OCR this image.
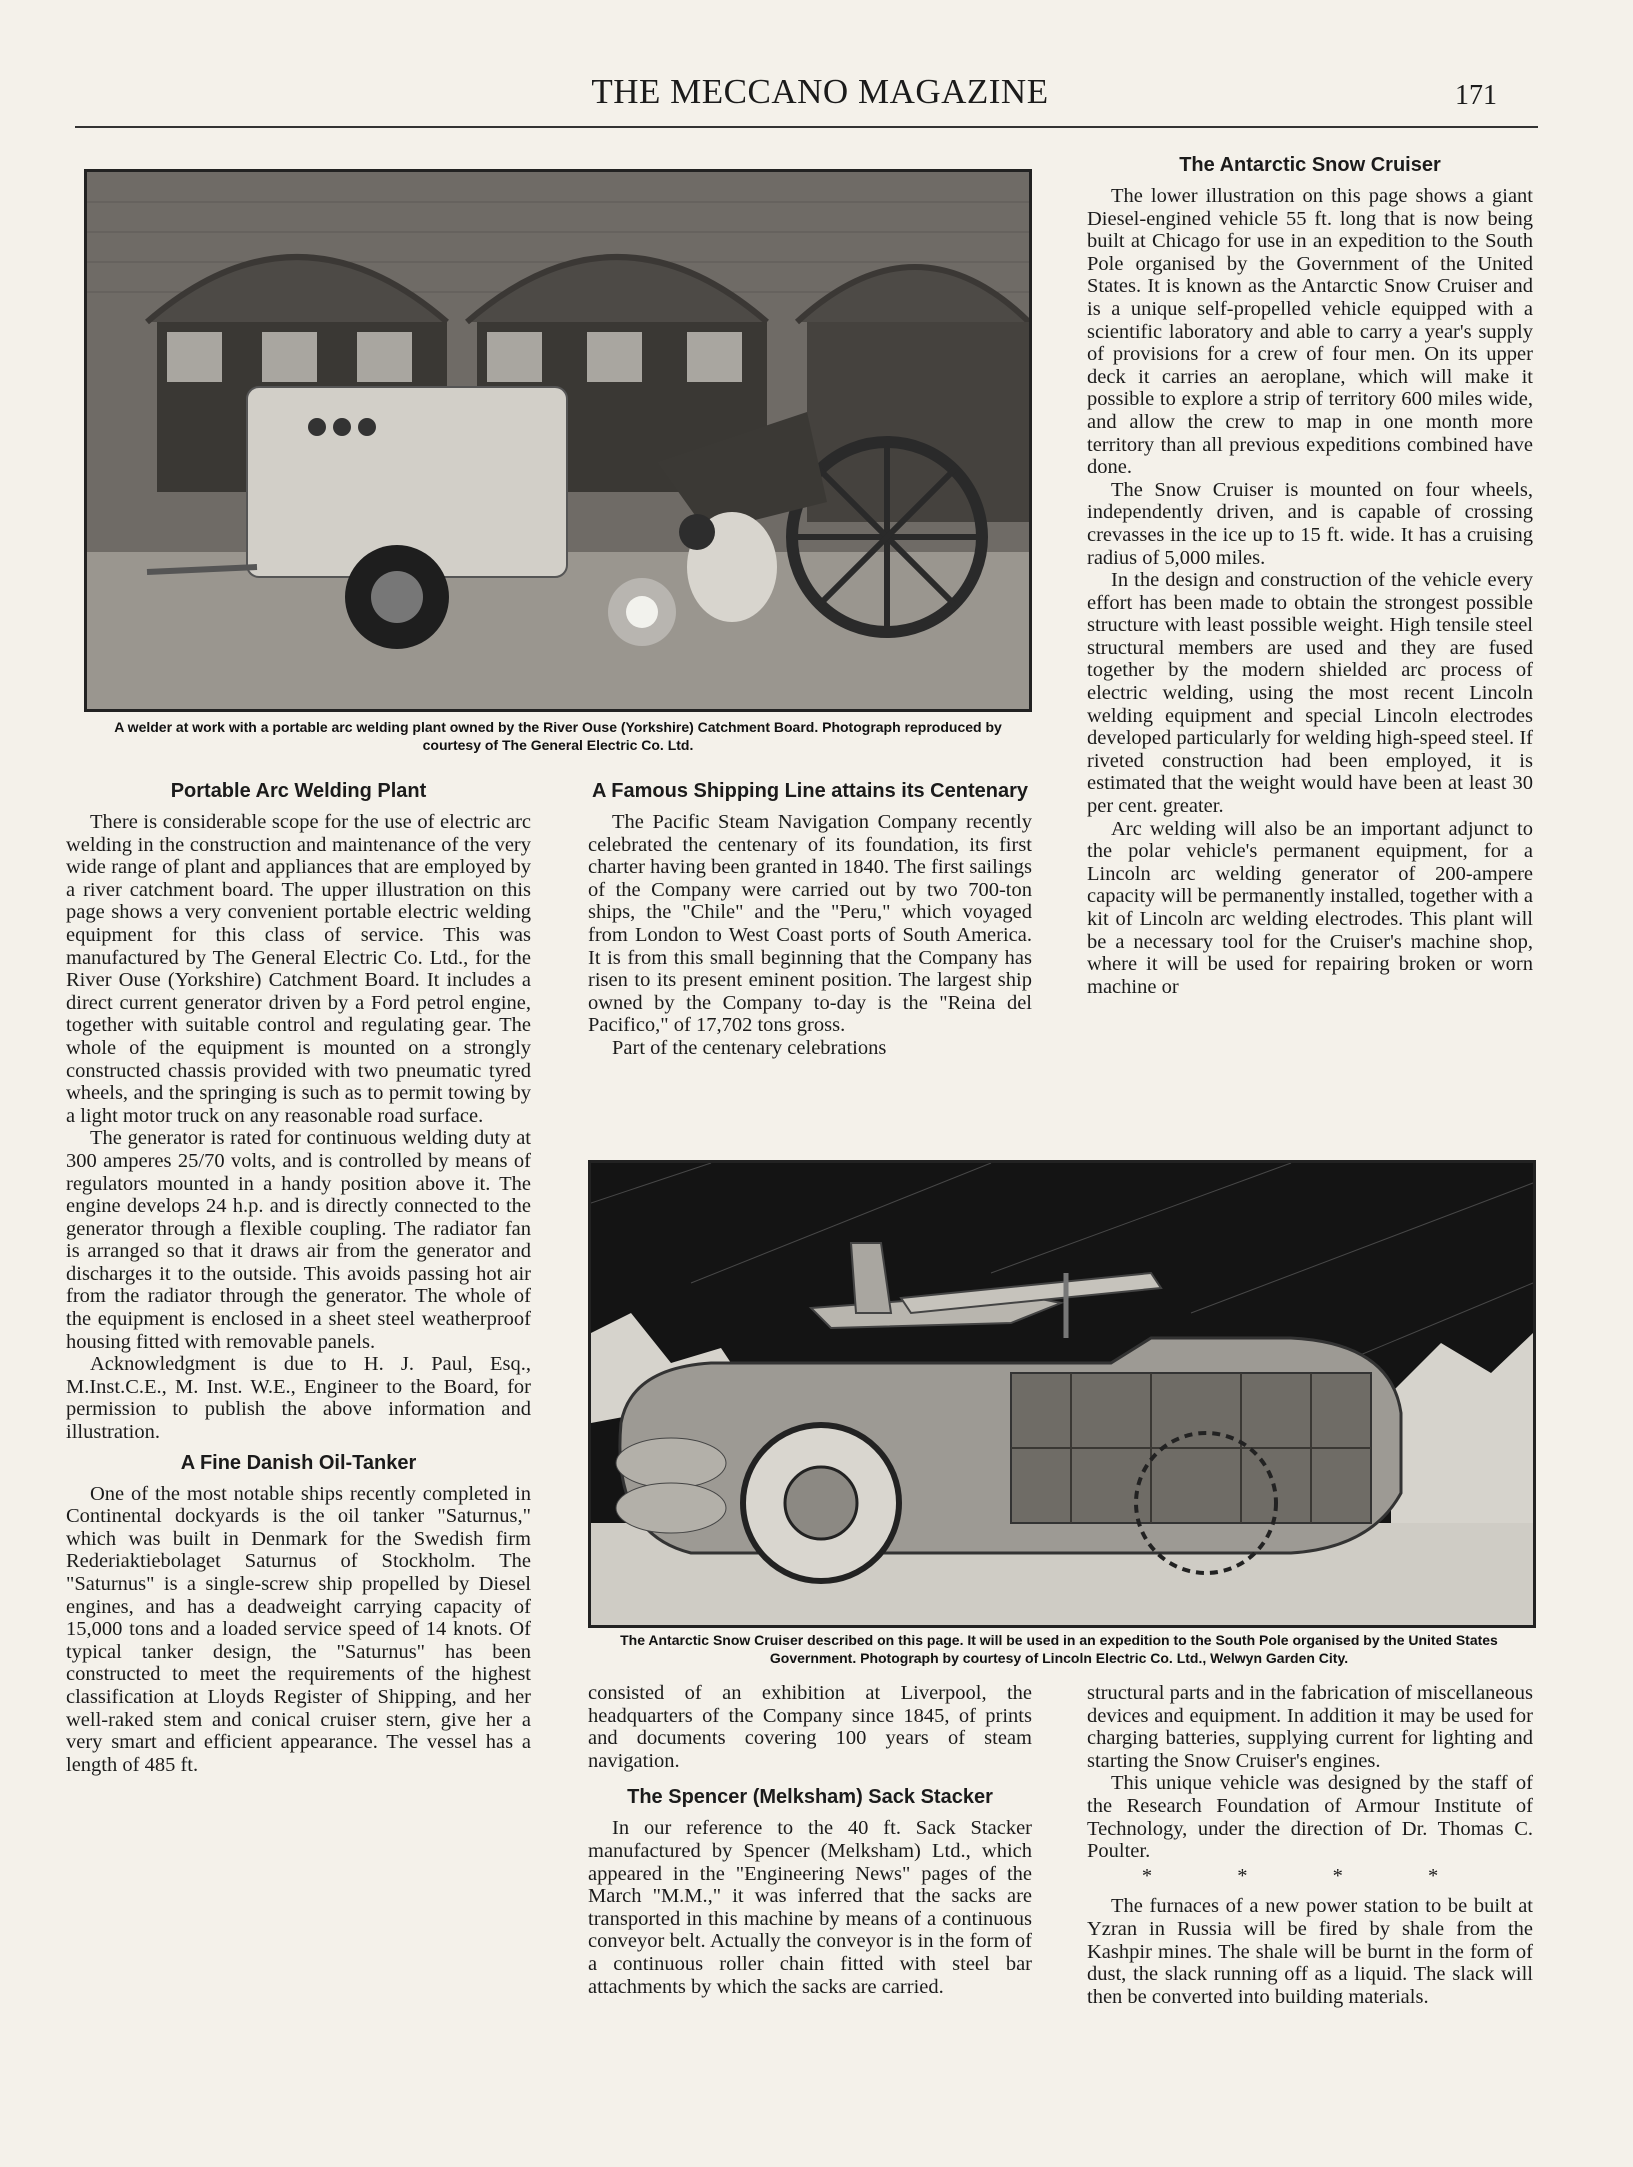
THE MECCANO MAGAZINE	171
A welder at work with a portable arc welding plant owned by the River Ouse (Yorkshire) Catchment Board. Photograph reproduced by courtesy of The General Electric Co. Ltd.
The Antarctic Snow Cruiser

The lower illustration on this page shows a giant Diesel-engined vehicle 55 ft. long that is now being built at Chicago for use in an expedition to the South Pole organised by the Government of the United States. It is known as the Antarctic Snow Cruiser and is a unique self-propelled vehicle equipped with a scientific laboratory and able to carry a year's supply of provisions for a crew of four men. On its upper deck it carries an aeroplane, which will make it possible to explore a strip of territory 600 miles wide, and allow the crew to map in one month more territory than all previous expeditions combined have done.

The Snow Cruiser is mounted on four wheels, independently driven, and is capable of crossing crevasses in the ice up to 15 ft. wide. It has a cruising radius of 5,000 miles.

In the design and construction of the vehicle every effort has been made to obtain the strongest possible structure with least possible weight. High tensile steel structural members are used and they are fused together by the modern shielded arc process of electric welding, using the most recent Lincoln welding equipment and special Lincoln electrodes developed particularly for welding high-speed steel. If riveted construction had been employed, it is estimated that the weight would have been at least 30 per cent. greater.

Arc welding will also be an important adjunct to the polar vehicle's permanent equipment, for a Lincoln arc welding generator of 200-ampere capacity will be permanently installed, together with a kit of Lincoln arc welding electrodes. This plant will be a necessary tool for the Cruiser's machine shop, where it will be used for repairing broken or worn machine or

Portable Arc Welding Plant

There is considerable scope for the use of electric arc welding in the construction and maintenance of the very wide range of plant and appliances that are employed by a river catchment board. The upper illustration on this page shows a very convenient portable electric welding equipment for this class of service. This was manufactured by The General Electric Co. Ltd., for the River Ouse (Yorkshire) Catchment Board. It includes a direct current generator driven by a Ford petrol engine, together with suitable control and regulating gear. The whole of the equipment is mounted on a strongly constructed chassis provided with two pneumatic tyred wheels, and the springing is such as to permit towing by a light motor truck on any reasonable road surface.

The generator is rated for continuous welding duty at 300 amperes 25/70 volts, and is controlled by means of regulators mounted in a handy position above it. The engine develops 24 h.p. and is directly connected to the generator through a flexible coupling. The radiator fan is arranged so that it draws air from the generator and discharges it to the outside. This avoids passing hot air from the radiator through the generator. The whole of the equipment is enclosed in a sheet steel weatherproof housing fitted with removable panels.

Acknowledgment is due to H. J. Paul, Esq., M.Inst.C.E., M. Inst. W.E., Engineer to the Board, for permission to publish the above information and illustration.

A Fine Danish Oil-Tanker

One of the most notable ships recently completed in Continental dockyards is the oil tanker "Saturnus," which was built in Denmark for the Swedish firm Rederiaktiebolaget Saturnus of Stockholm. The "Saturnus" is a single-screw ship propelled by Diesel engines, and has a deadweight carrying capacity of 15,000 tons and a loaded service speed of 14 knots. Of typical tanker design, the "Saturnus" has been constructed to meet the requirements of the highest classification at Lloyds Register of Shipping, and her well-raked stem and conical cruiser stern, give her a very smart and efficient appearance. The vessel has a length of 485 ft.

A Famous Shipping Line attains its Centenary

The Pacific Steam Navigation Company recently celebrated the centenary of its foundation, its first charter having been granted in 1840. The first sailings of the Company were carried out by two 700-ton ships, the "Chile" and the "Peru," which voyaged from London to West Coast ports of South America. It is from this small beginning that the Company has risen to its present eminent position. The largest ship owned by the Company to-day is the "Reina del Pacifico," of 17,702 tons gross.

Part of the centenary celebrations

The Antarctic Snow Cruiser described on this page. It will be used in an expedition to the South Pole organised by the United States Government. Photograph by courtesy of Lincoln Electric Co. Ltd., Welwyn Garden City.

consisted of an exhibition at Liverpool, the headquarters of the Company since 1845, of prints and documents covering 100 years of steam navigation.

The Spencer (Melksham) Sack Stacker

In our reference to the 40 ft. Sack Stacker manufactured by Spencer (Melksham) Ltd., which appeared in the "Engineering News" pages of the March "M.M.," it was inferred that the sacks are transported in this machine by means of a continuous conveyor belt. Actually the conveyor is in the form of a continuous roller chain fitted with steel bar attachments by which the sacks are carried.

structural parts and in the fabrication of miscellaneous devices and equipment. In addition it may be used for charging batteries, supplying current for lighting and starting the Snow Cruiser's engines.

This unique vehicle was designed by the staff of the Research Foundation of Armour Institute of Technology, under the direction of Dr. Thomas C. Poulter.

* * * *

The furnaces of a new power station to be built at Yzran in Russia will be fired by shale from the Kashpir mines. The shale will be burnt in the form of dust, the slack running off as a liquid. The slack will then be converted into building materials.
